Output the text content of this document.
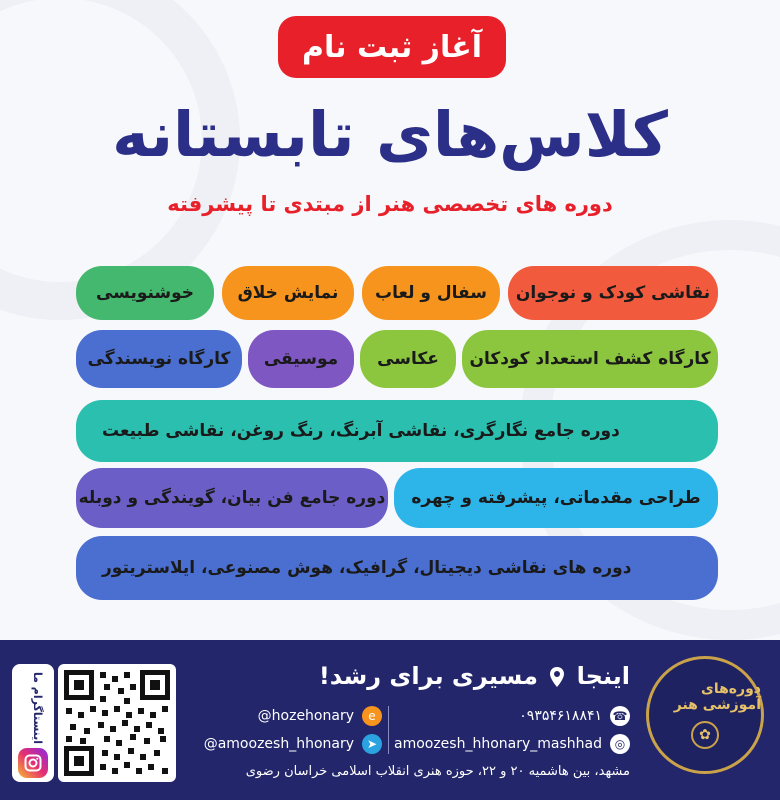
آغاز ثبت نام
کلاس‌های تابستانه
دوره های تخصصی هنر از مبتدی تا پیشرفته
نقاشی کودک و نوجوان
سفال و لعاب
نمایش خلاق
خوشنویسی
کارگاه کشف استعداد کودکان
عکاسی
موسیقی
کارگاه نویسندگی
دوره جامع نگارگری، نقاشی آبرنگ، رنگ روغن، نقاشی طبیعت
طراحی مقدماتی، پیشرفته و چهره
دوره جامع فن بیان، گویندگی و دوبله
دوره های نقاشی دیجیتال، گرافیک، هوش مصنوعی، ایلاستریتور
دوره‌های آموزشی هنر
✿
اینجا  مسیری برای رشد!
۰۹۳۵۴۶۱۸۸۴۱ ☎
amoozesh_hhonary_mashhad	◎
@hozehonary	e
@amoozesh_hhonary	➤
مشهد، بین هاشمیه ۲۰ و ۲۲، حوزه هنری انقلاب اسلامی خراسان رضوی
اینستاگرام ما
